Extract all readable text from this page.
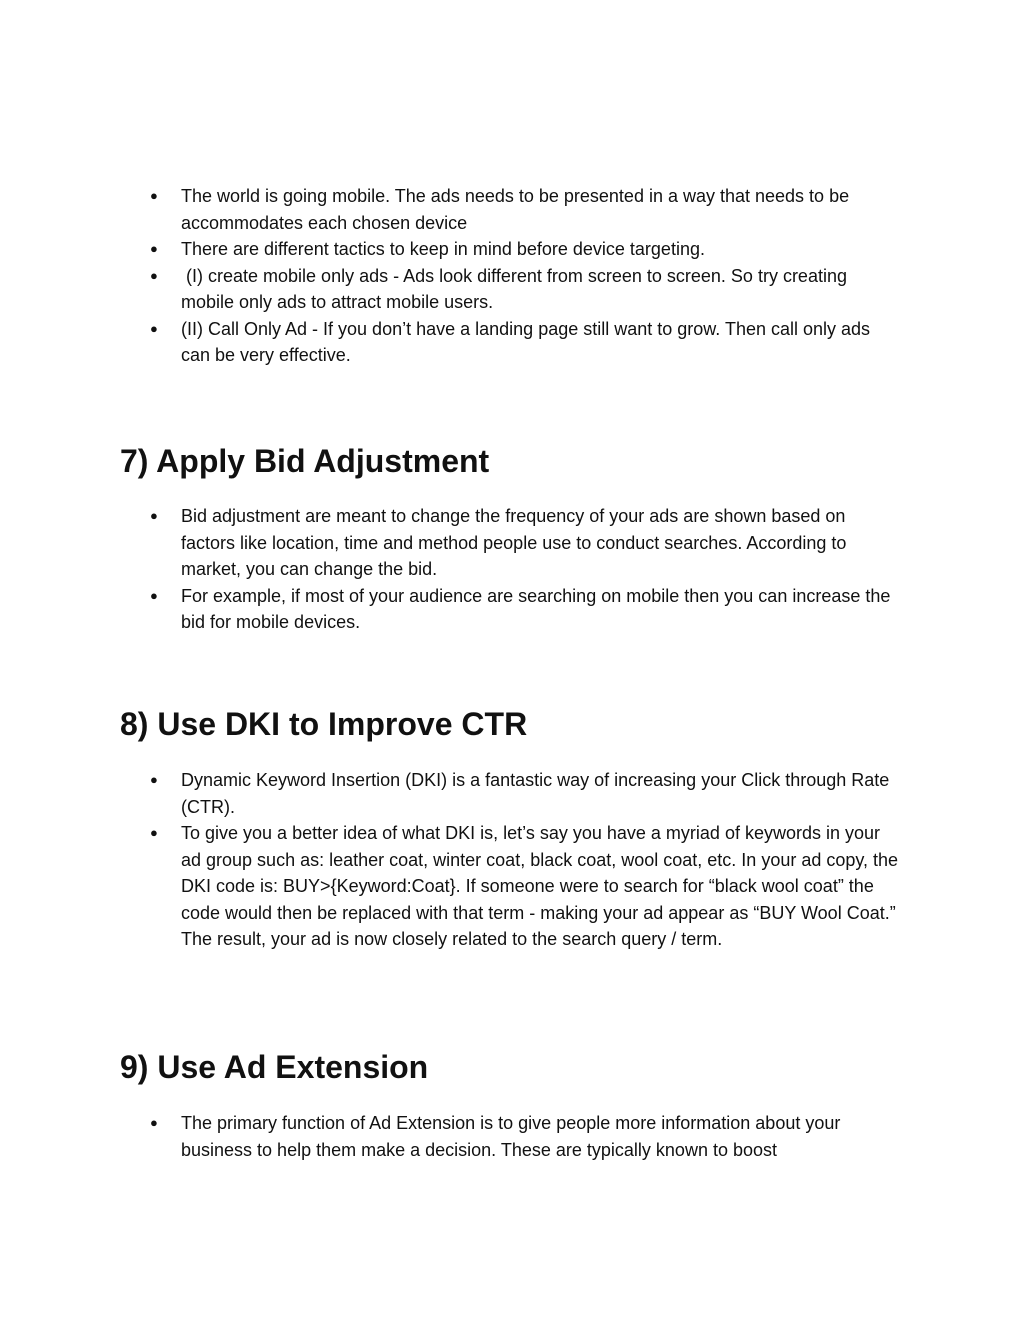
● The world is going mobile. The ads needs to be presented in a way that needs to be accommodates each chosen device
● There are different tactics to keep in mind before device targeting.
● (I) create mobile only ads - Ads look different from screen to screen. So try creating mobile only ads to attract mobile users.
● (II) Call Only Ad - If you don’t have a landing page still want to grow. Then call only ads can be very effective.
7) Apply Bid Adjustment
● Bid adjustment are meant to change the frequency of your ads are shown based on factors like location, time and method people use to conduct searches. According to market, you can change the bid.
● For example, if most of your audience are searching on mobile then you can increase the bid for mobile devices.
8) Use DKI to Improve CTR
● Dynamic Keyword Insertion (DKI) is a fantastic way of increasing your Click through Rate (CTR).
● To give you a better idea of what DKI is, let’s say you have a myriad of keywords in your ad group such as: leather coat, winter coat, black coat, wool coat, etc. In your ad copy, the DKI code is: BUY>{Keyword:Coat}. If someone were to search for “black wool coat” the code would then be replaced with that term - making your ad appear as “BUY Wool Coat.” The result, your ad is now closely related to the search query / term.
9) Use Ad Extension
● The primary function of Ad Extension is to give people more information about your business to help them make a decision. These are typically known to boost
